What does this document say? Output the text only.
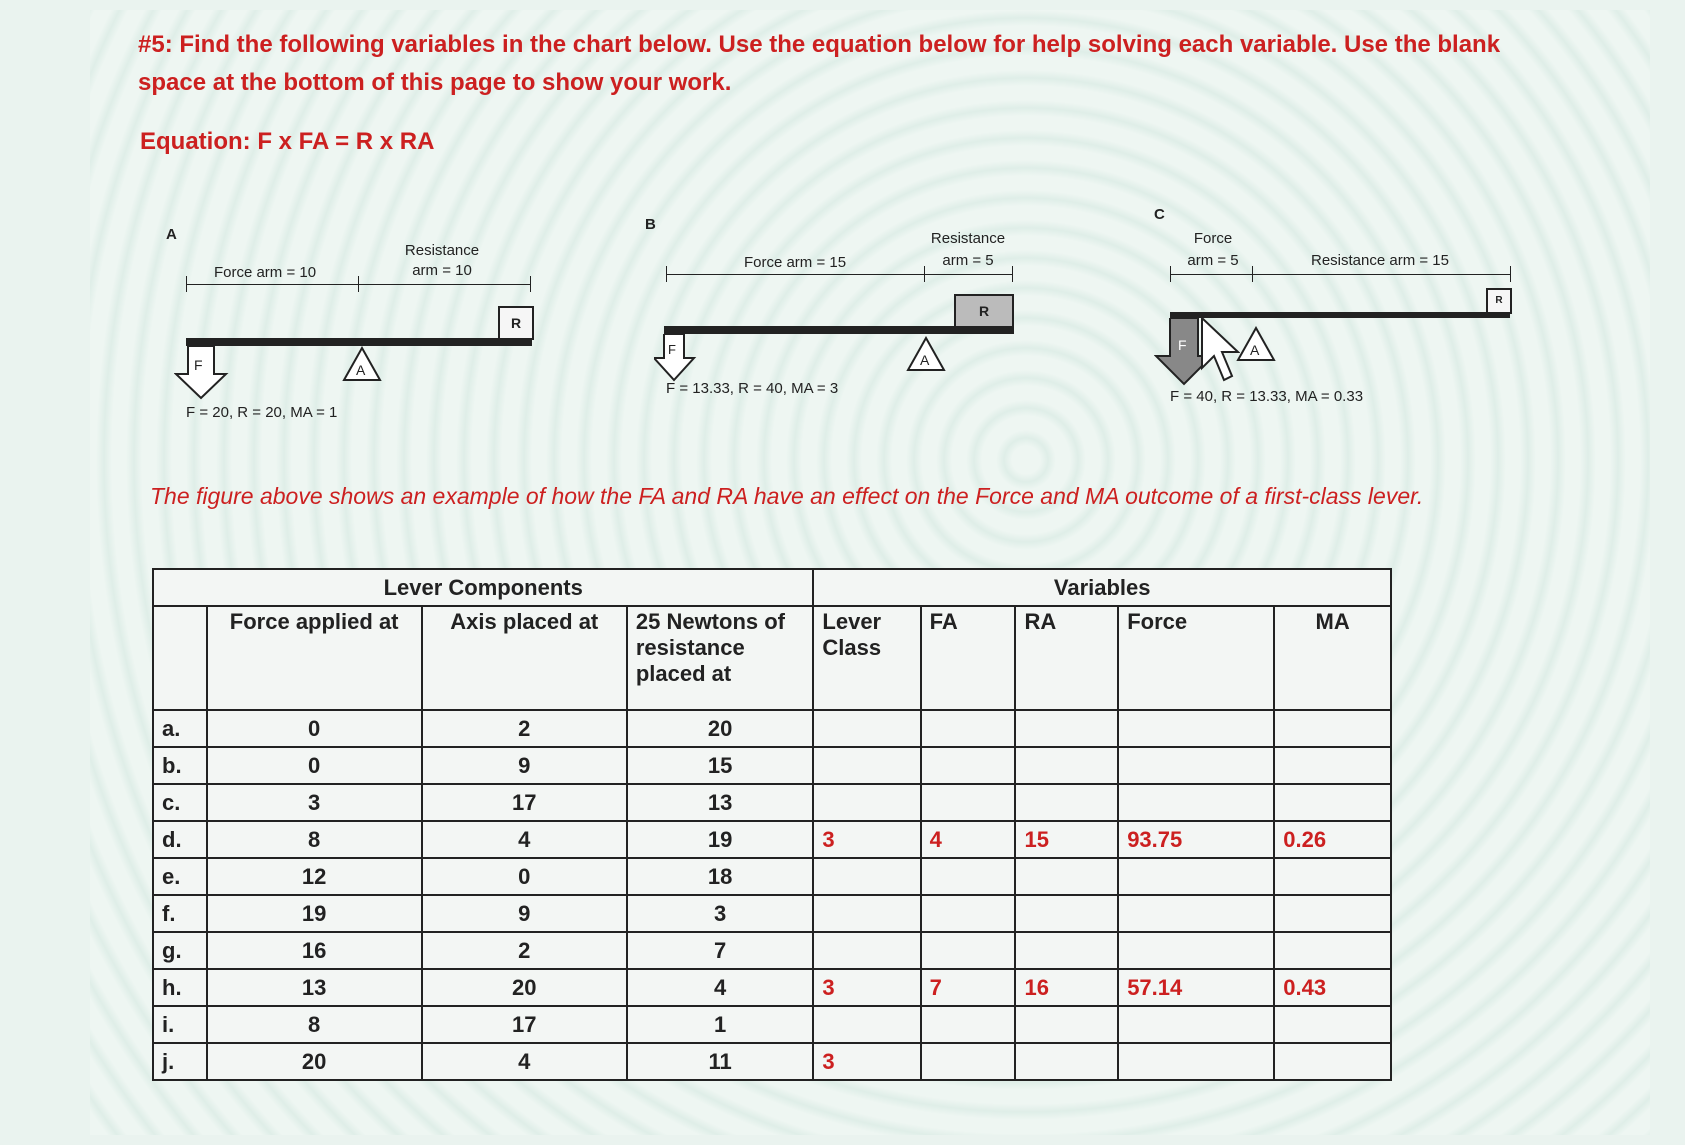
#5: Find the following variables in the chart below. Use the equation below for help solving each variable. Use the blank space at the bottom of this page to show your work.
Equation: F x FA = R x RA
A
Force arm = 10
Resistance
arm = 10
R
F	A
F = 20, R = 20, MA = 1
B
Force arm = 15
Resistance
arm = 5
R
F
A
F = 13.33, R = 40, MA = 3
C
Force
arm = 5	Resistance arm = 15
R
F	A
F = 40, R = 13.33, MA = 0.33
The figure above shows an example of how the FA and RA have an effect on the Force and MA outcome of a first-class lever.
Lever Components				Variables				
	Force applied at	Axis placed at	25 Newtons of resistance placed at	Lever Class	FA	RA	Force	MA
a.	0	2	20					
b.	0	9	15					
c.	3	17	13					
d.	8	4	19	3	4	15	93.75	0.26
e.	12	0	18					
f.	19	9	3					
g.	16	2	7					
h.	13	20	4	3	7	16	57.14	0.43
i.	8	17	1					
j.	20	4	11	3				
